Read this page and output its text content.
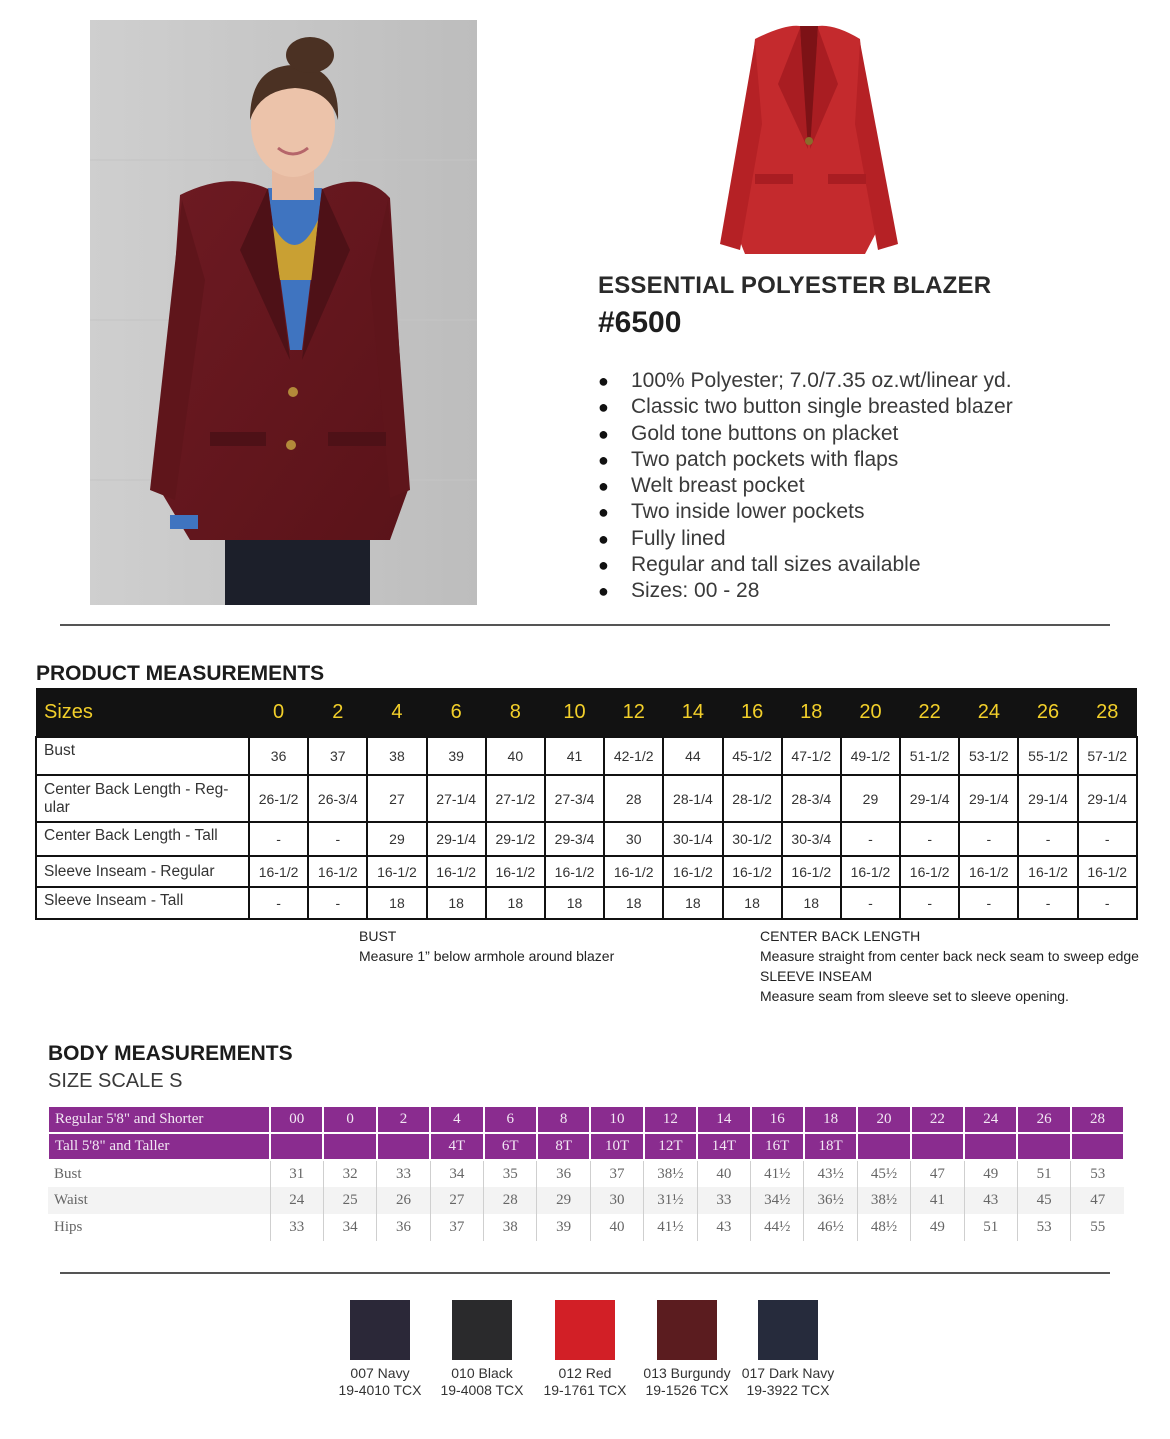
ESSENTIAL POLYESTER BLAZER
#6500
● 100% Polyester; 7.0/7.35 oz.wt/linear yd.
● Classic two button single breasted blazer
● Gold tone buttons on placket
● Two patch pockets with flaps
● Welt breast pocket
● Two inside lower pockets
● Fully lined
● Regular and tall sizes available
● Sizes: 00 - 28
PRODUCT MEASUREMENTS
Sizes	0	2	4	6	8	10	12	14	16	18	20	22	24	26	28
Bust	36	37	38	39	40	41	42-1/2	44	45-1/2	47-1/2	49-1/2	51-1/2	53-1/2	55-1/2	57-1/2
Center Back Length - Reg-ular	26-1/2	26-3/4	27	27-1/4	27-1/2	27-3/4	28	28-1/4	28-1/2	28-3/4	29	29-1/4	29-1/4	29-1/4	29-1/4
Center Back Length - Tall	-	-	29	29-1/4	29-1/2	29-3/4	30	30-1/4	30-1/2	30-3/4	-	-	-	-	-
Sleeve Inseam - Regular	16-1/2	16-1/2	16-1/2	16-1/2	16-1/2	16-1/2	16-1/2	16-1/2	16-1/2	16-1/2	16-1/2	16-1/2	16-1/2	16-1/2	16-1/2
Sleeve Inseam - Tall	-	-	18	18	18	18	18	18	18	18	-	-	-	-	-
BUST
Measure 1” below armhole around blazer
CENTER BACK LENGTH
Measure straight from center back neck seam to sweep edge
SLEEVE INSEAM
Measure seam from sleeve set to sleeve opening.
BODY MEASUREMENTS
SIZE SCALE S
Regular 5'8" and Shorter	00	0	2	4	6	8	10	12	14	16	18	20	22	24	26	28
Tall 5'8" and Taller				4T	6T	8T	10T	12T	14T	16T	18T					
Bust	31	32	33	34	35	36	37	38½	40	41½	43½	45½	47	49	51	53
Waist	24	25	26	27	28	29	30	31½	33	34½	36½	38½	41	43	45	47
Hips	33	34	36	37	38	39	40	41½	43	44½	46½	48½	49	51	53	55
007 Navy
19-4010 TCX
010 Black
19-4008 TCX
012 Red
19-1761 TCX
013 Burgundy
19-1526 TCX
017 Dark Navy
19-3922 TCX
